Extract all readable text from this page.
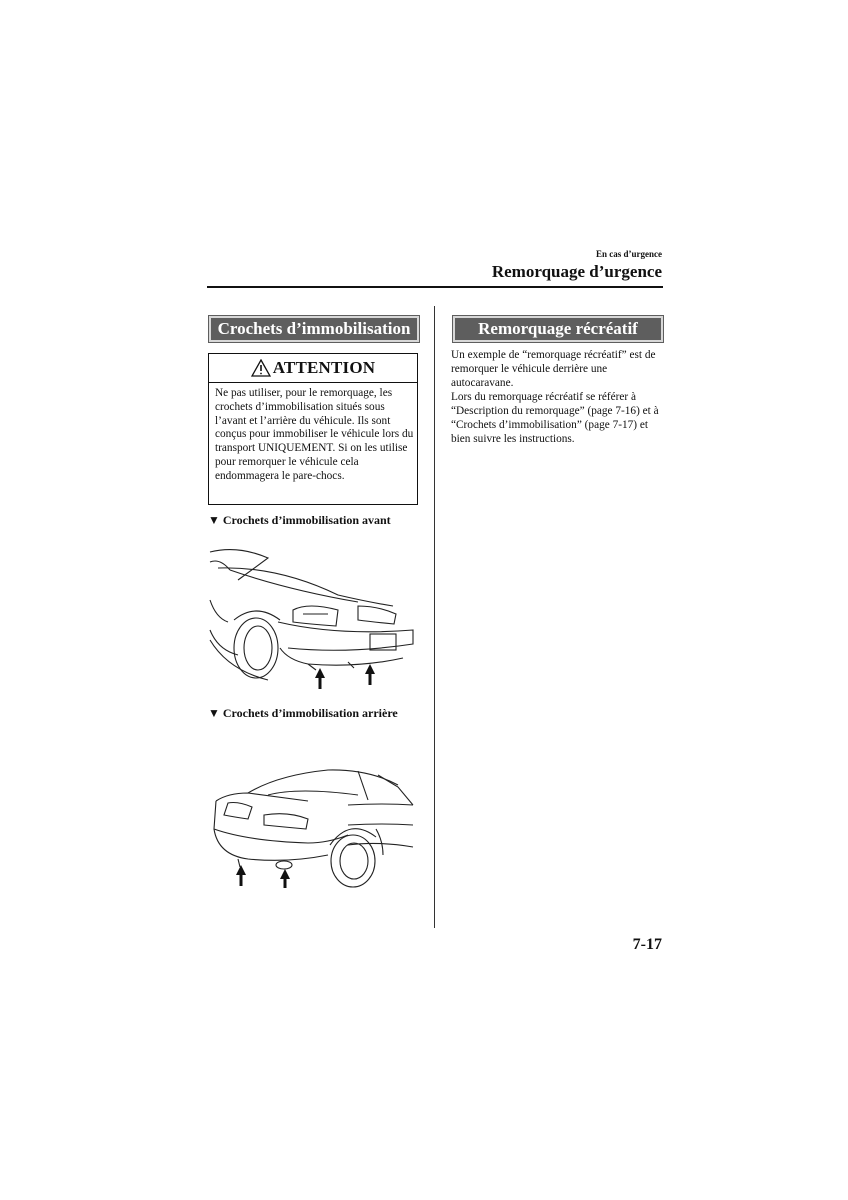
En cas d’urgence
Remorquage d’urgence
Crochets d’immobilisation
ATTENTION
Ne pas utiliser, pour le remorquage, les crochets d’immobilisation situés sous l’avant et l’arrière du véhicule. Ils sont conçus pour immobiliser le véhicule lors du transport UNIQUEMENT. Si on les utilise pour remorquer le véhicule cela endommagera le pare-chocs.
▼ Crochets d’immobilisation avant
▼ Crochets d’immobilisation arrière
Remorquage récréatif

Un exemple de “remorquage récréatif” est de remorquer le véhicule derrière une autocaravane.

Lors du remorquage récréatif se référer à “Description du remorquage” (page 7-16) et à “Crochets d’immobilisation” (page 7-17) et bien suivre les instructions.

7-17
